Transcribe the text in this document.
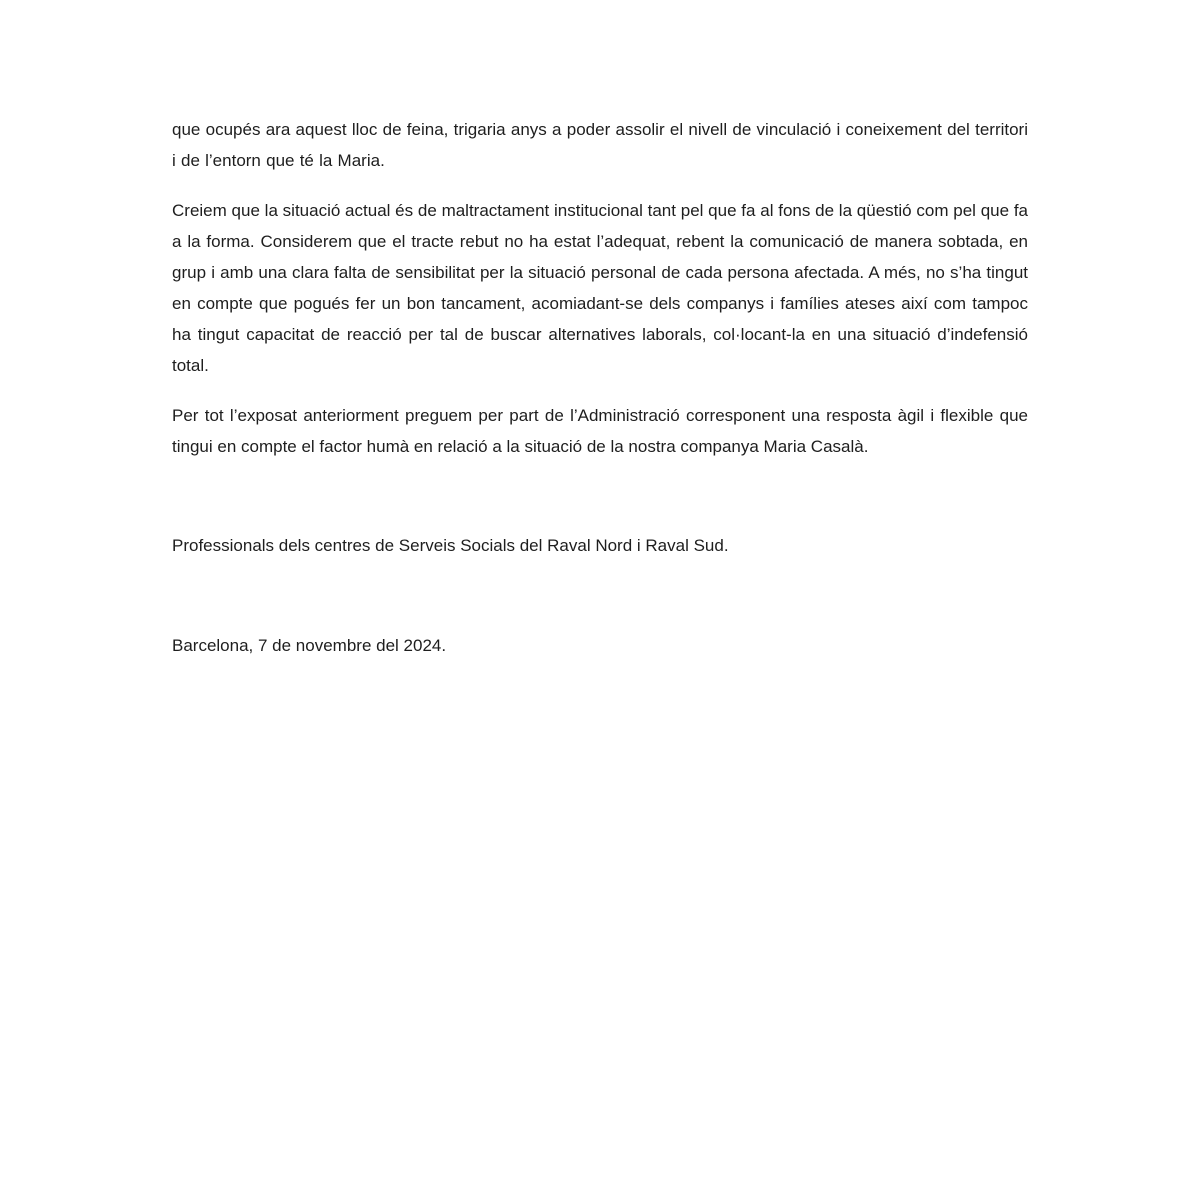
que ocupés ara aquest lloc de feina, trigaria anys a poder assolir el nivell de vinculació i coneixement del territori i de l’entorn que té la Maria.

Creiem que la situació actual és de maltractament institucional tant pel que fa al fons de la qüestió com pel que fa a la forma. Considerem que el tracte rebut no ha estat l’adequat, rebent la comunicació de manera sobtada, en grup i amb una clara falta de sensibilitat per la situació personal de cada persona afectada. A més, no s’ha tingut en compte que pogués fer un bon tancament, acomiadant-se dels companys i famílies ateses així com tampoc ha tingut capacitat de reacció per tal de buscar alternatives laborals, col·locant-la en una situació d’indefensió total.

Per tot l’exposat anteriorment preguem per part de l’Administració corresponent una resposta àgil i flexible que tingui en compte el factor humà en relació a la situació de la nostra companya Maria Casalà.

Professionals dels centres de Serveis Socials del Raval Nord i Raval Sud.

Barcelona, 7 de novembre del 2024.
